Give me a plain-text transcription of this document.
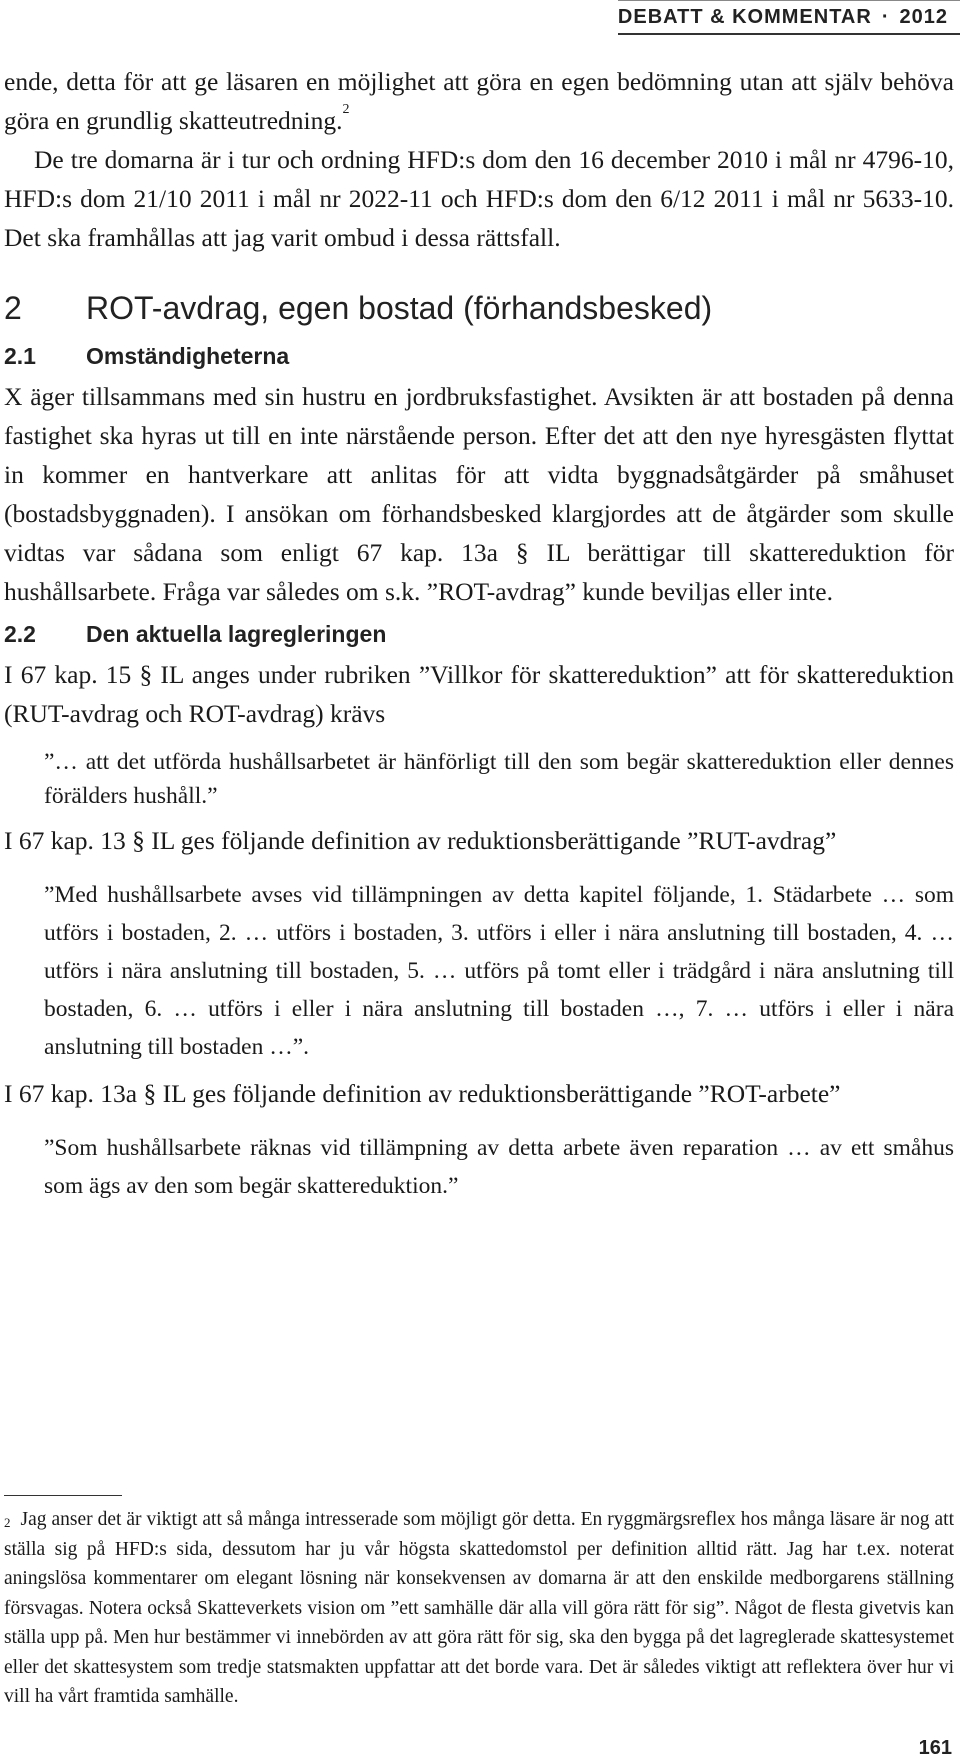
DEBATT & KOMMENTAR · 2012

ende, detta för att ge läsaren en möjlighet att göra en egen bedömning utan att själv behöva göra en grundlig skatteutredning.$^2$

De tre domarna är i tur och ordning HFD:s dom den 16 december 2010 i mål nr 4796-10, HFD:s dom 21/10 2011 i mål nr 2022-11 och HFD:s dom den 6/12 2011 i mål nr 5633-10. Det ska framhållas att jag varit ombud i dessa rättsfall.

2 ROT-avdrag, egen bostad (förhandsbesked)
2.1 Omständigheterna

X äger tillsammans med sin hustru en jordbruksfastighet. Avsikten är att bostaden på denna fastighet ska hyras ut till en inte närstående person. Efter det att den nye hyresgästen flyttat in kommer en hantverkare att anlitas för att vidta byggnadsåtgärder på småhuset (bostadsbyggnaden). I ansökan om förhandsbesked klargjordes att de åtgärder som skulle vidtas var sådana som enligt 67 kap. 13a § IL berättigar till skattereduktion för hushållsarbete. Fråga var således om s.k. ”ROT-avdrag” kunde beviljas eller inte.

2.2 Den aktuella lagregleringen

I 67 kap. 15 § IL anges under rubriken ”Villkor för skattereduktion” att för skattereduktion (RUT-avdrag och ROT-avdrag) krävs

”… att det utförda hushållsarbetet är hänförligt till den som begär skattereduktion eller dennes förälders hushåll.”

I 67 kap. 13 § IL ges följande definition av reduktionsberättigande ”RUT-avdrag”

”Med hushållsarbete avses vid tillämpningen av detta kapitel följande, 1. Städarbete … som utförs i bostaden, 2. … utförs i bostaden, 3. utförs i eller i nära anslutning till bostaden, 4. … utförs i nära anslutning till bostaden, 5. … utförs på tomt eller i trädgård i nära anslutning till bostaden, 6. … utförs i eller i nära anslutning till bostaden …, 7. … utförs i eller i nära anslutning till bostaden …”.

I 67 kap. 13a § IL ges följande definition av reduktionsberättigande ”ROT-arbete”

”Som hushållsarbete räknas vid tillämpning av detta arbete även reparation … av ett småhus som ägs av den som begär skattereduktion.”
$^2$ Jag anser det är viktigt att så många intresserade som möjligt gör detta. En ryggmärgsreflex hos många läsare är nog att ställa sig på HFD:s sida, dessutom har ju vår högsta skattedomstol per definition alltid rätt. Jag har t.ex. noterat aningslösa kommentarer om elegant lösning när konsekvensen av domarna är att den enskilde medborgarens ställning försvagas. Notera också Skatteverkets vision om ”ett samhälle där alla vill göra rätt för sig”. Något de flesta givetvis kan ställa upp på. Men hur bestämmer vi innebörden av att göra rätt för sig, ska den bygga på det lagreglerade skattesystemet eller det skattesystem som tredje statsmakten uppfattar att det borde vara. Det är således viktigt att reflektera över hur vi vill ha vårt framtida samhälle.
161
